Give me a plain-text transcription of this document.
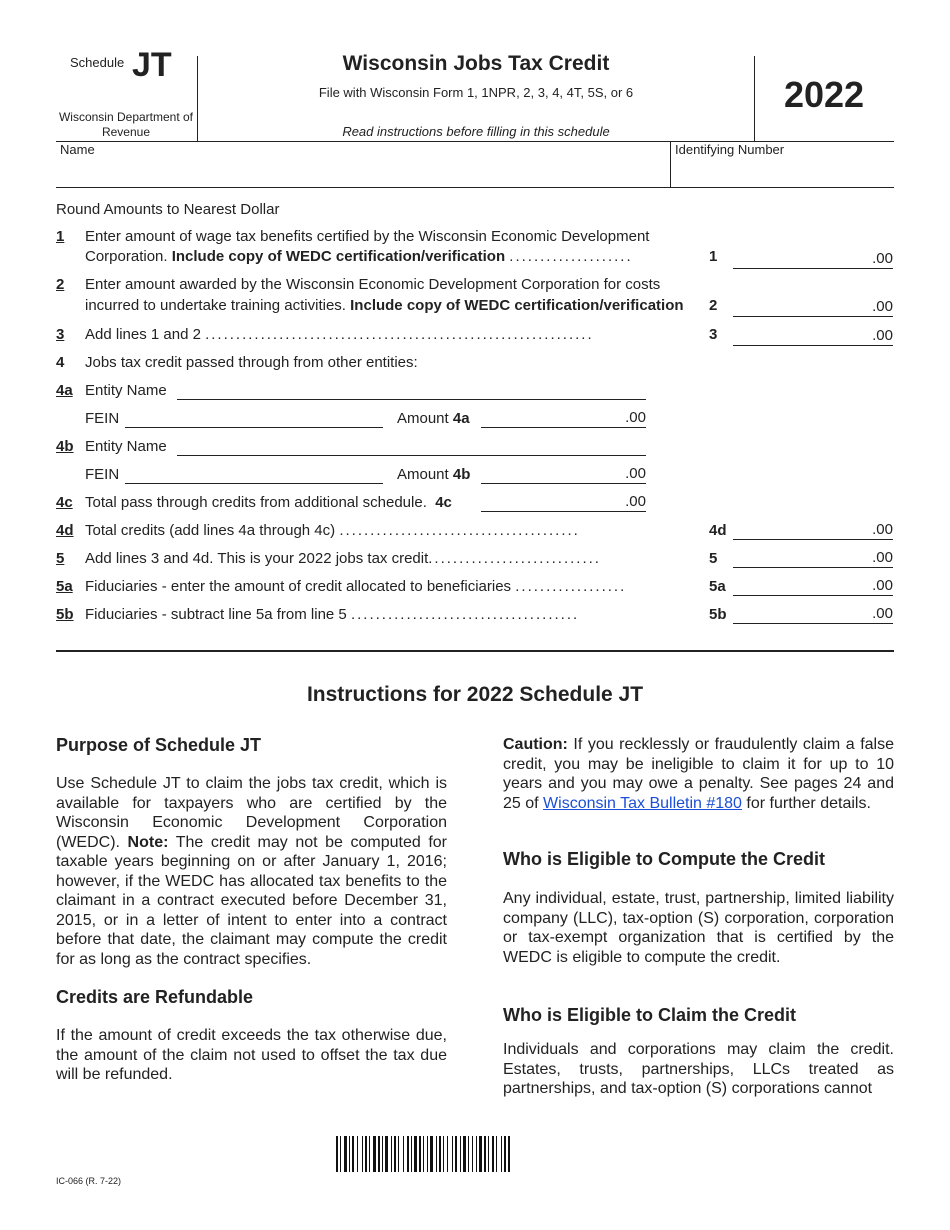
Schedule JT
Wisconsin Department of Revenue
Wisconsin Jobs Tax Credit
File with Wisconsin Form 1, 1NPR, 2, 3, 4, 4T, 5S, or 6
Read instructions before filling in this schedule
2022
Name	Identifying Number
Round Amounts to Nearest Dollar
1 Enter amount of wage tax benefits certified by the Wisconsin Economic Development
Corporation. Include copy of WEDC certification/verification ....................	1	.00
2 Enter amount awarded by the Wisconsin Economic Development Corporation for costs
incurred to undertake training activities. Include copy of WEDC certification/verification 2	.00
3 Add lines 1 and 2 ...............................................................	3	.00
4 Jobs tax credit passed through from other entities:
4a Entity Name
FEIN	Amount 4a	.00
4b Entity Name
FEIN	Amount 4b	.00
4c Total pass through credits from additional schedule. 4c	.00
4d Total credits (add lines 4a through 4c) .......................................	4d	.00
5 Add lines 3 and 4d. This is your 2022 jobs tax credit............................	5	.00
5a Fiduciaries - enter the amount of credit allocated to beneficiaries ..................	5a	.00
5b Fiduciaries - subtract line 5a from line 5 .....................................	5b	.00
Instructions for 2022 Schedule JT
Purpose of Schedule JT
Use Schedule JT to claim the jobs tax credit, which is available for taxpayers who are certified by the Wisconsin Economic Development Corporation (WEDC). Note: The credit may not be computed for taxable years beginning on or after January 1, 2016; however, if the WEDC has allocated tax benefits to the claimant in a contract executed before December 31, 2015, or in a letter of intent to enter into a contract before that date, the claimant may compute the credit for as long as the contract specifies.
Credits are Refundable
If the amount of credit exceeds the tax otherwise due, the amount of the claim not used to offset the tax due will be refunded.
Caution: If you recklessly or fraudulently claim a false credit, you may be ineligible to claim it for up to 10 years and you may owe a penalty. See pages 24 and 25 of Wisconsin Tax Bulletin #180 for further details.
Who is Eligible to Compute the Credit
Any individual, estate, trust, partnership, limited liability company (LLC), tax-option (S) corporation, corporation or tax-exempt organization that is certified by the WEDC is eligible to compute the credit.
Who is Eligible to Claim the Credit
Individuals and corporations may claim the credit. Estates, trusts, partnerships, LLCs treated as partnerships, and tax-option (S) corporations cannot
IC-066 (R. 7-22)
